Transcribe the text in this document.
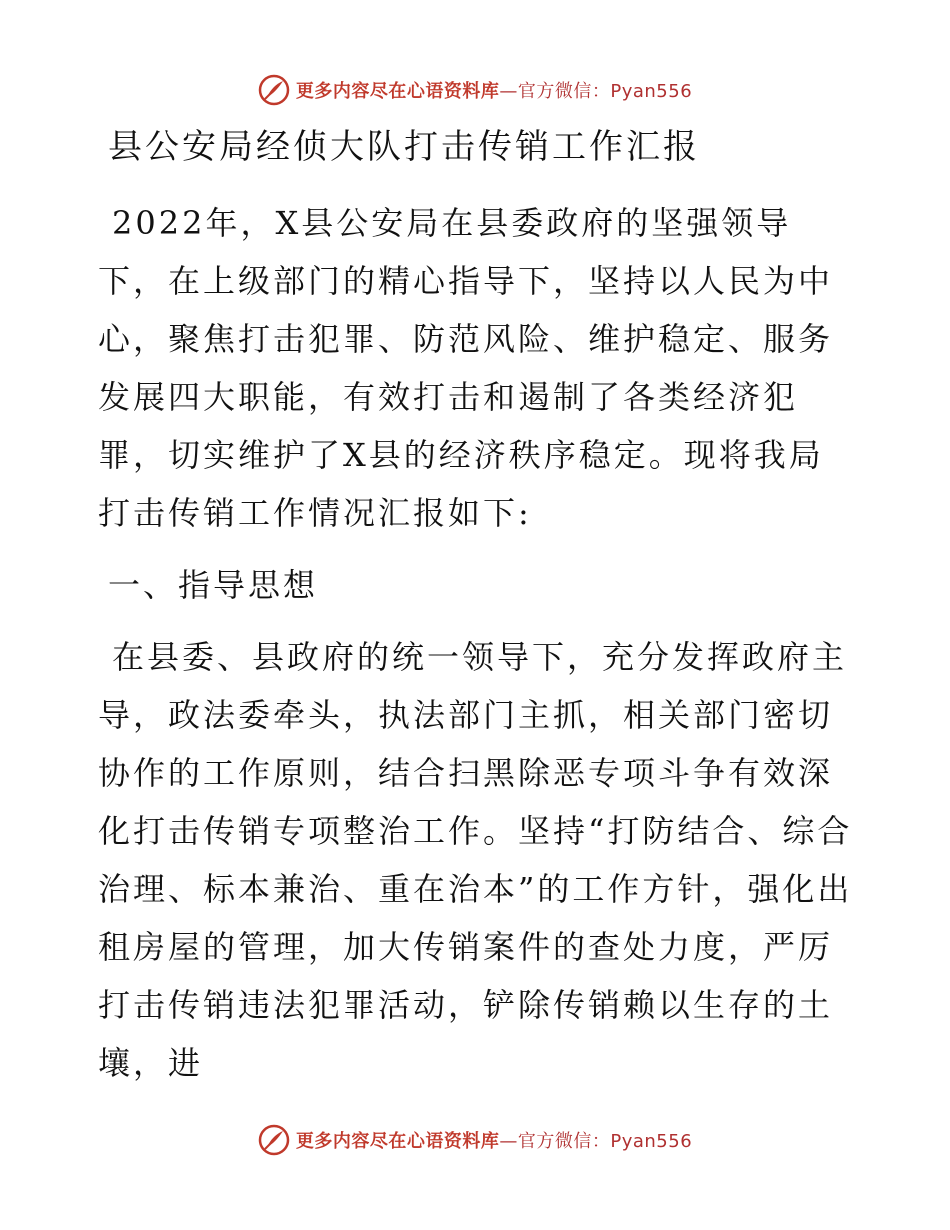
更多内容尽在心语资料库—官方微信：Pyan556
县公安局经侦大队打击传销工作汇报

2022年，X县公安局在县委政府的坚强领导下，在上级部门的精心指导下，坚持以人民为中心，聚焦打击犯罪、防范风险、维护稳定、服务发展四大职能，有效打击和遏制了各类经济犯罪，切实维护了X县的经济秩序稳定。现将我局打击传销工作情况汇报如下:

一、指导思想

在县委、县政府的统一领导下，充分发挥政府主导，政法委牵头，执法部门主抓，相关部门密切协作的工作原则，结合扫黑除恶专项斗争有效深化打击传销专项整治工作。坚持“打防结合、综合治理、标本兼治、重在治本”的工作方针，强化出租房屋的管理，加大传销案件的查处力度，严厉打击传销违法犯罪活动，铲除传销赖以生存的土壤，进

更多内容尽在心语资料库—官方微信：Pyan556
